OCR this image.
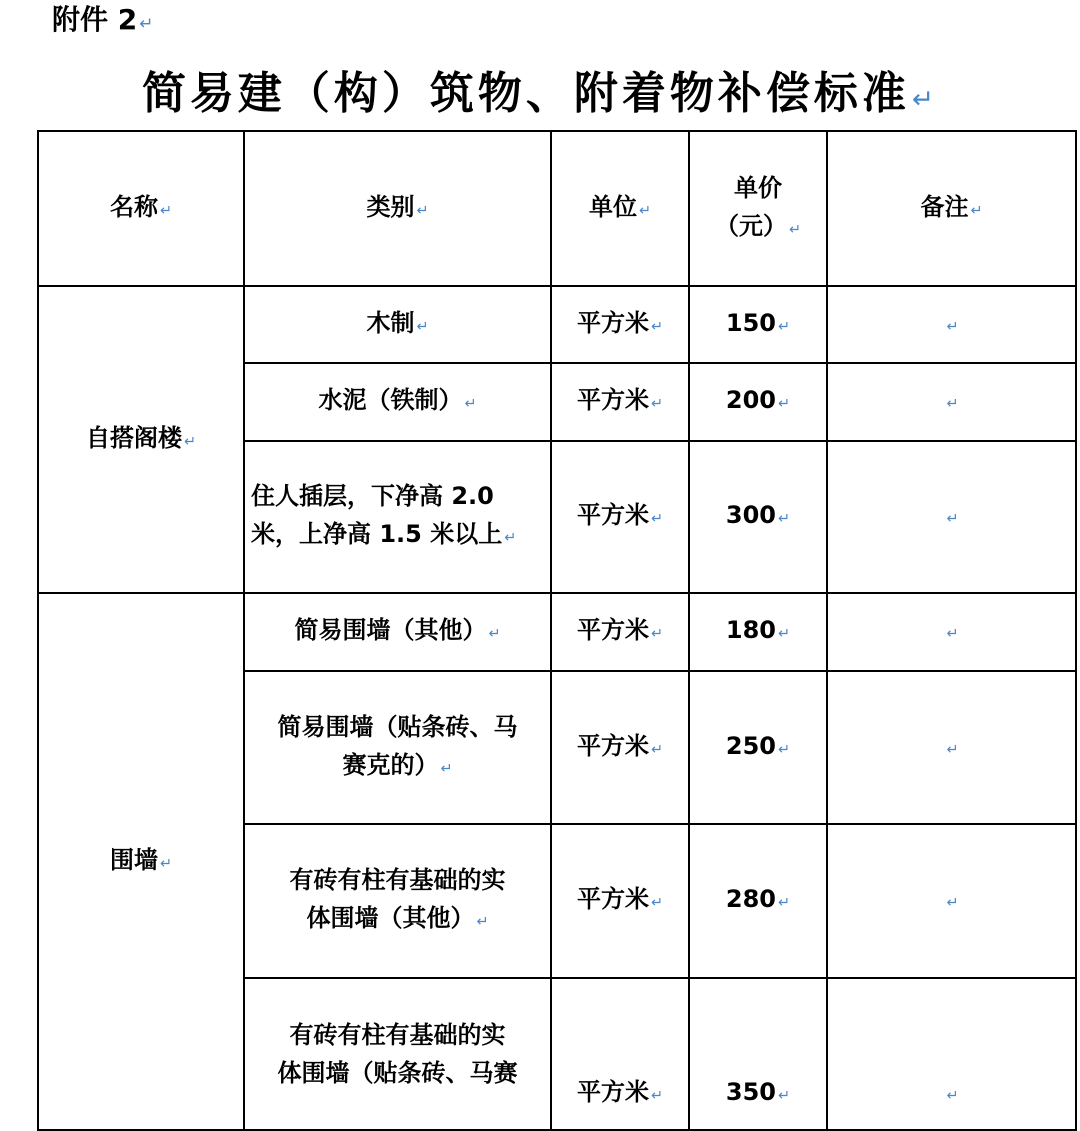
附件 2 ↵
简易建（构）筑物、附着物补偿标准↵
名称 ↵	类别 ↵	单位 ↵	单价
（元） ↵	备注 ↵
自搭阁楼 ↵	木制 ↵	平方米 ↵	150 ↵	↵
	水泥（铁制） ↵	平方米 ↵	200 ↵	↵
	住人插层，下净高 2.0
米，上净高 1.5 米以上 ↵	平方米 ↵	300 ↵	↵
围墙 ↵	简易围墙（其他） ↵	平方米 ↵	180 ↵	↵
	简易围墙（贴条砖、马
赛克的） ↵	平方米 ↵	250 ↵	↵
	有砖有柱有基础的实
体围墙（其他） ↵	平方米 ↵	280 ↵	↵
	有砖有柱有基础的实
体围墙（贴条砖、马赛	平方米 ↵	350 ↵	↵
